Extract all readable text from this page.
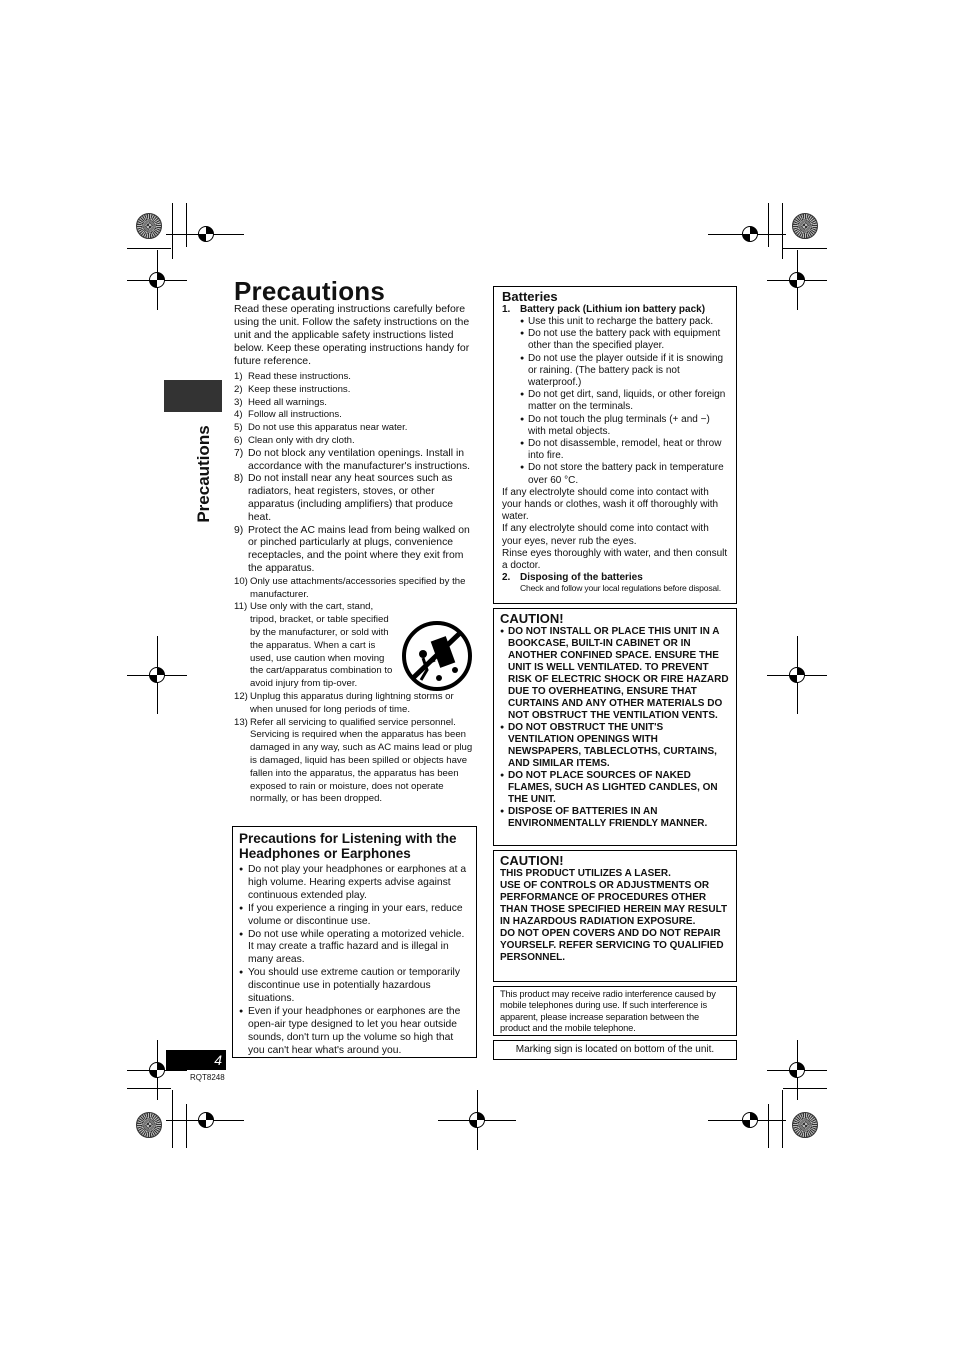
Precautions
Precautions
Read these operating instructions carefully before using the unit. Follow the safety instructions on the unit and the applicable safety instructions listed below. Keep these operating instructions handy for future reference.
1) Read these instructions.
2) Keep these instructions.
3) Heed all warnings.
4) Follow all instructions.
5) Do not use this apparatus near water.
6) Clean only with dry cloth.
7) Do not block any ventilation openings. Install in accordance with the manufacturer's instructions.
8) Do not install near any heat sources such as radiators, heat registers, stoves, or other apparatus (including amplifiers) that produce heat.
9) Protect the AC mains lead from being walked on or pinched particularly at plugs, convenience receptacles, and the point where they exit from the apparatus.
10) Only use attachments/accessories specified by the manufacturer.
11) Use only with the cart, stand, tripod, bracket, or table specified by the manufacturer, or sold with the apparatus. When a cart is used, use caution when moving the cart/apparatus combination to avoid injury from tip-over.
12) Unplug this apparatus during lightning storms or when unused for long periods of time.
13) Refer all servicing to qualified service personnel. Servicing is required when the apparatus has been damaged in any way, such as AC mains lead or plug is damaged, liquid has been spilled or objects have fallen into the apparatus, the apparatus has been exposed to rain or moisture, does not operate normally, or has been dropped.
Precautions for Listening with the Headphones or Earphones
● Do not play your headphones or earphones at a high volume. Hearing experts advise against continuous extended play.
● If you experience a ringing in your ears, reduce volume or discontinue use.
● Do not use while operating a motorized vehicle. It may create a traffic hazard and is illegal in many areas.
● You should use extreme caution or temporarily discontinue use in potentially hazardous situations.
● Even if your headphones or earphones are the open-air type designed to let you hear outside sounds, don't turn up the volume so high that you can't hear what's around you.
4
RQT8248
Batteries
1. Battery pack (Lithium ion battery pack)
● Use this unit to recharge the battery pack.
● Do not use the battery pack with equipment other than the specified player.
● Do not use the player outside if it is snowing or raining. (The battery pack is not waterproof.)
● Do not get dirt, sand, liquids, or other foreign matter on the terminals.
● Do not touch the plug terminals (+ and −) with metal objects.
● Do not disassemble, remodel, heat or throw into fire.
● Do not store the battery pack in temperature over 60 °C.
If any electrolyte should come into contact with your hands or clothes, wash it off thoroughly with water.
If any electrolyte should come into contact with your eyes, never rub the eyes.
Rinse eyes thoroughly with water, and then consult a doctor.
2. Disposing of the batteries
Check and follow your local regulations before disposal.
CAUTION!
● DO NOT INSTALL OR PLACE THIS UNIT IN A BOOKCASE, BUILT-IN CABINET OR IN ANOTHER CONFINED SPACE. ENSURE THE UNIT IS WELL VENTILATED. TO PREVENT RISK OF ELECTRIC SHOCK OR FIRE HAZARD DUE TO OVERHEATING, ENSURE THAT CURTAINS AND ANY OTHER MATERIALS DO NOT OBSTRUCT THE VENTILATION VENTS.
● DO NOT OBSTRUCT THE UNIT'S VENTILATION OPENINGS WITH NEWSPAPERS, TABLECLOTHS, CURTAINS, AND SIMILAR ITEMS.
● DO NOT PLACE SOURCES OF NAKED FLAMES, SUCH AS LIGHTED CANDLES, ON THE UNIT.
● DISPOSE OF BATTERIES IN AN ENVIRONMENTALLY FRIENDLY MANNER.
CAUTION!
THIS PRODUCT UTILIZES A LASER.
USE OF CONTROLS OR ADJUSTMENTS OR PERFORMANCE OF PROCEDURES OTHER THAN THOSE SPECIFIED HEREIN MAY RESULT IN HAZARDOUS RADIATION EXPOSURE.
DO NOT OPEN COVERS AND DO NOT REPAIR YOURSELF. REFER SERVICING TO QUALIFIED PERSONNEL.
This product may receive radio interference caused by mobile telephones during use. If such interference is apparent, please increase separation between the product and the mobile telephone.
Marking sign is located on bottom of the unit.
